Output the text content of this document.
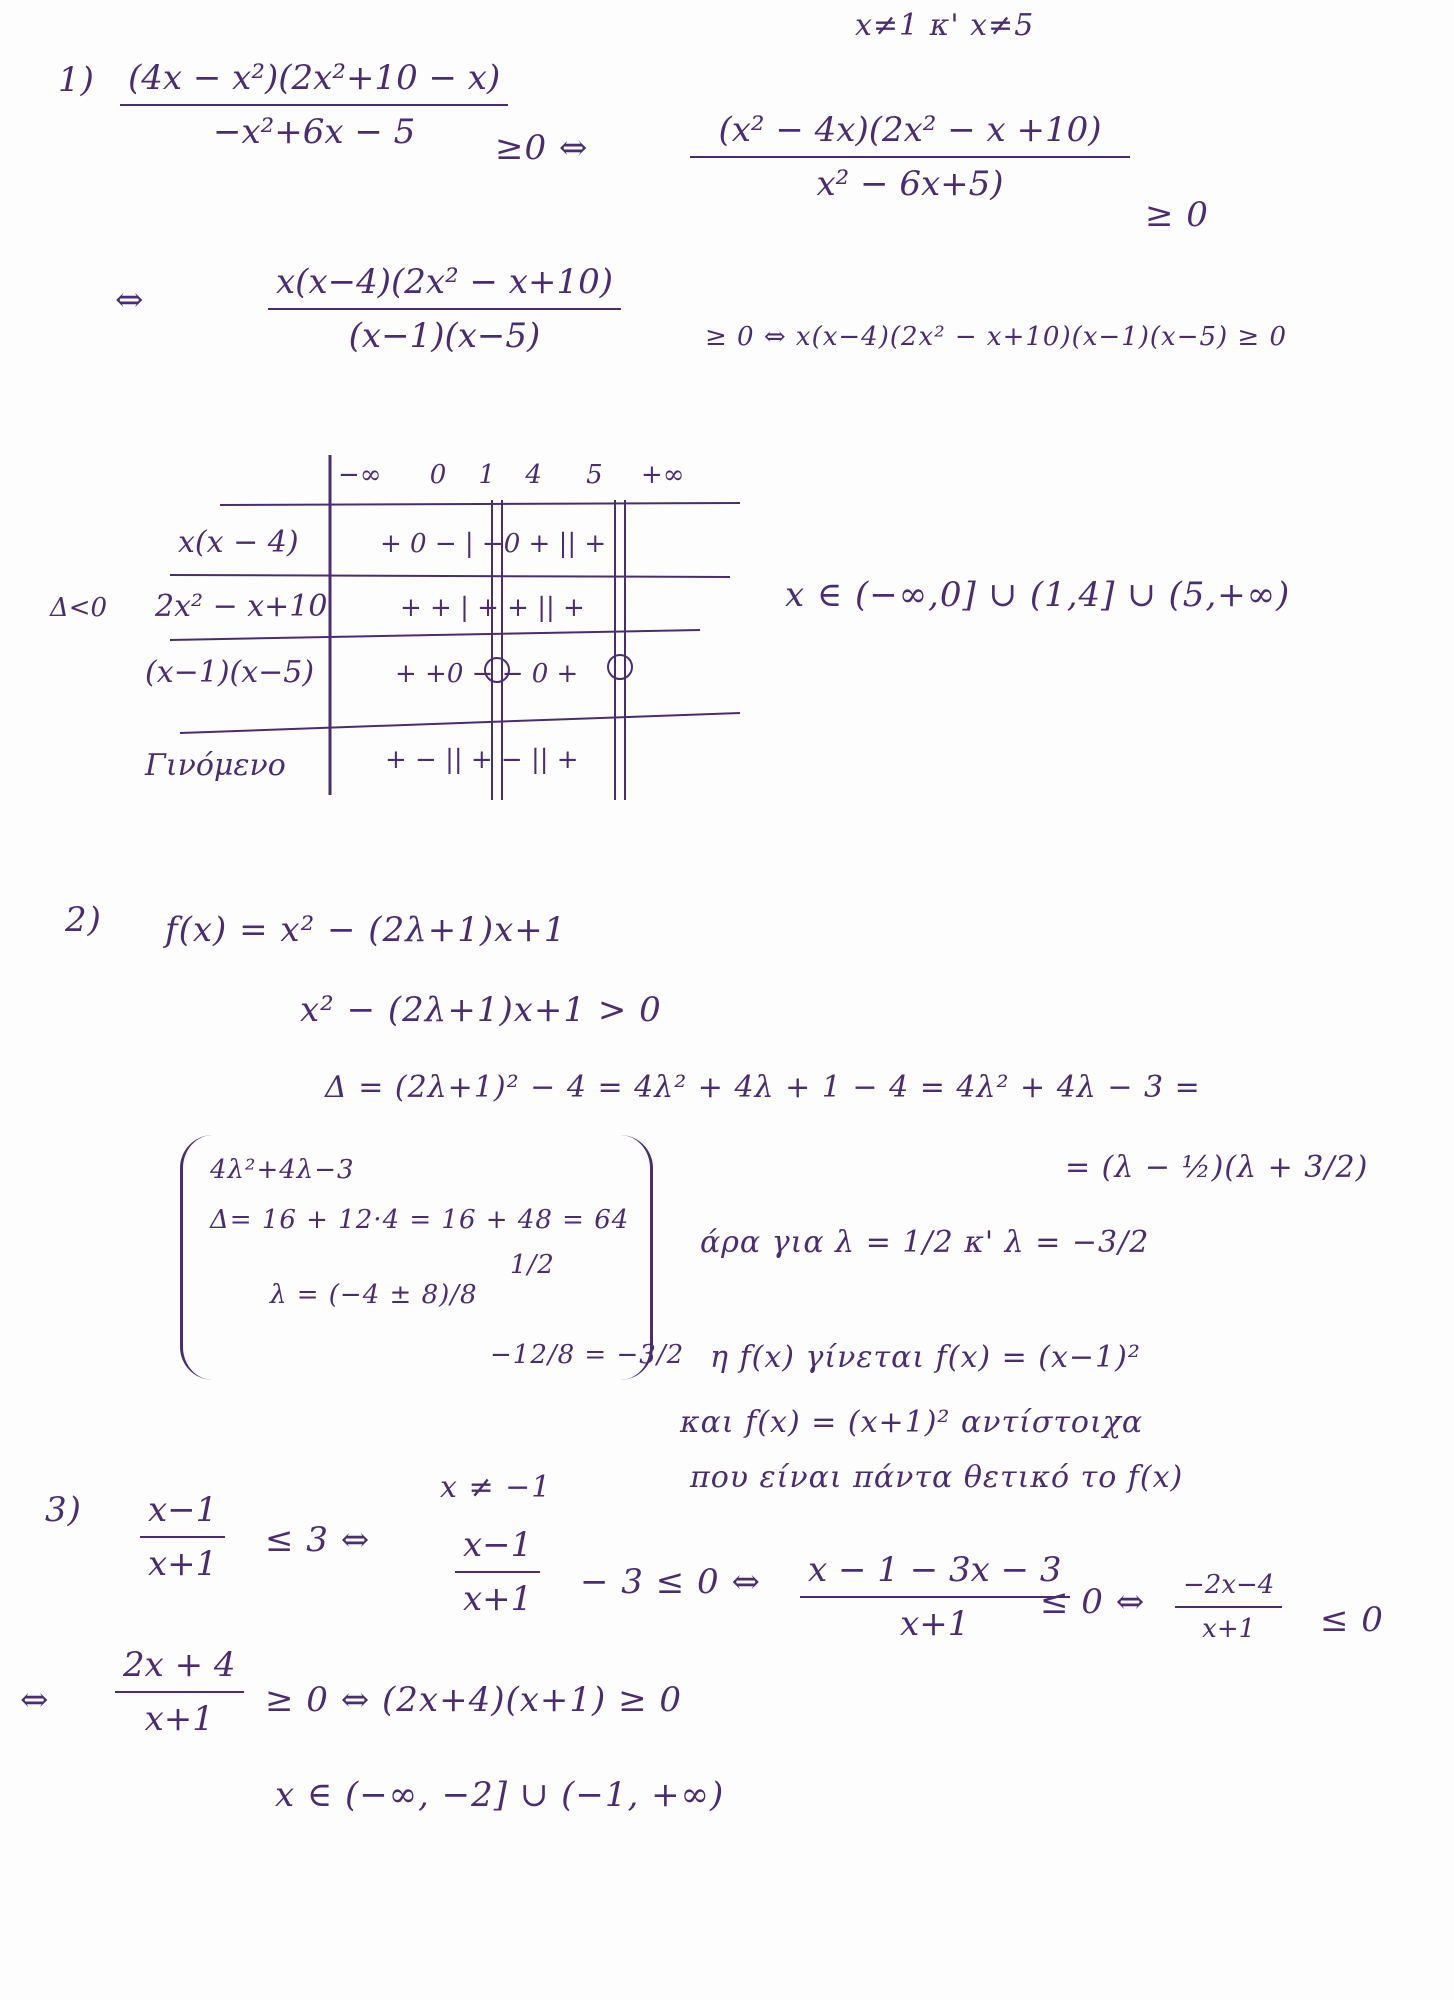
x≠1 κ' x≠5
1) (4x − x²)(2x²+10 − x)
−x²+6x − 5 ≥0 ⇔	(x² − 4x)(2x² − x +10)
x² − 6x+5)
≥ 0
⇔	x(x−4)(2x² − x+10)
(x−1)(x−5)	≥ 0 ⇔ x(x−4)(2x² − x+10)(x−1)(x−5) ≥ 0
−∞ 0 1 4 5 +∞
x(x − 4)	+ 0 − | −0 + || +
Δ<0 2x² − x+10	+ + | + + || +
(x−1)(x−5)	+ +0 − − 0 +
Γινόμενο	+ − || + − || +
x ∈ (−∞,0] ∪ (1,4] ∪ (5,+∞)
2) f(x) = x² − (2λ+1)x+1
x² − (2λ+1)x+1 > 0
Δ = (2λ+1)² − 4 = 4λ² + 4λ + 1 − 4 = 4λ² + 4λ − 3 =
= (λ − ½)(λ + 3/2)
4λ²+4λ−3
Δ= 16 + 12·4 = 16 + 48 = 64
λ = (−4 ± 8)/8
1/2
−12/8 = −3/2
άρα για λ = 1/2 κ' λ = −3/2
η f(x) γίνεται f(x) = (x−1)²
και f(x) = (x+1)² αντίστοιχα
που είναι πάντα θετικό το f(x)
3)
x ≠ −1
x−1
x+1
≤ 3 ⇔	x−1
x+1 − 3 ≤ 0 ⇔ x − 1 − 3x − 3
x+1
≤ 0 ⇔	−2x−4
x+1 ≤ 0
⇔
2x + 4
x+1 ≥ 0 ⇔ (2x+4)(x+1) ≥ 0
x ∈ (−∞, −2] ∪ (−1, +∞)
